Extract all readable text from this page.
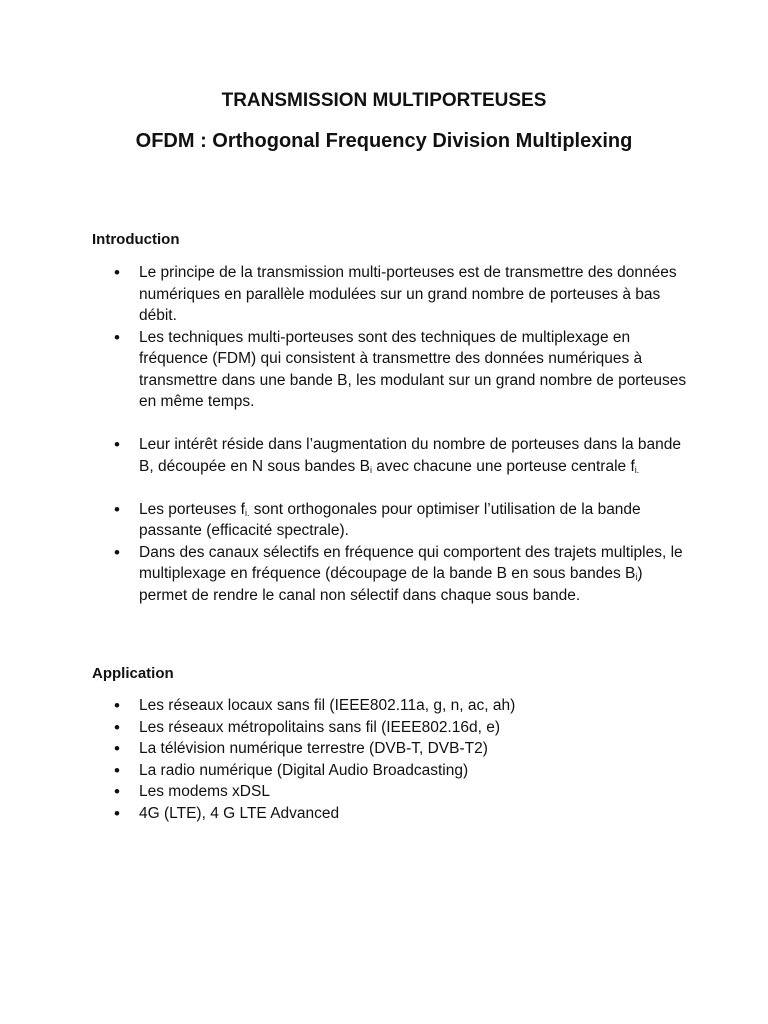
TRANSMISSION MULTIPORTEUSES
OFDM : Orthogonal Frequency Division Multiplexing
Introduction
• Le principe de la transmission multi-porteuses est de transmettre des données numériques en parallèle modulées sur un grand nombre de porteuses à bas débit.
• Les techniques multi-porteuses sont des techniques de multiplexage en fréquence (FDM) qui consistent à transmettre des données numériques à transmettre dans une bande B, les modulant sur un grand nombre de porteuses en même temps.
• Leur intérêt réside dans l’augmentation du nombre de porteuses dans la bande B, découpée en N sous bandes $B_i$ avec chacune une porteuse centrale $f_{i.}$
• Les porteuses $f_{i.}$ sont orthogonales pour optimiser l’utilisation de la bande passante (efficacité spectrale).
• Dans des canaux sélectifs en fréquence qui comportent des trajets multiples, le multiplexage en fréquence (découpage de la bande B en sous bandes $B_i$) permet de rendre le canal non sélectif dans chaque sous bande.
Application
• Les réseaux locaux sans fil (IEEE802.11a, g, n, ac, ah)
• Les réseaux métropolitains sans fil (IEEE802.16d, e)
• La télévision numérique terrestre (DVB-T, DVB-T2)
• La radio numérique (Digital Audio Broadcasting)
• Les modems xDSL
• 4G (LTE), 4 G LTE Advanced
